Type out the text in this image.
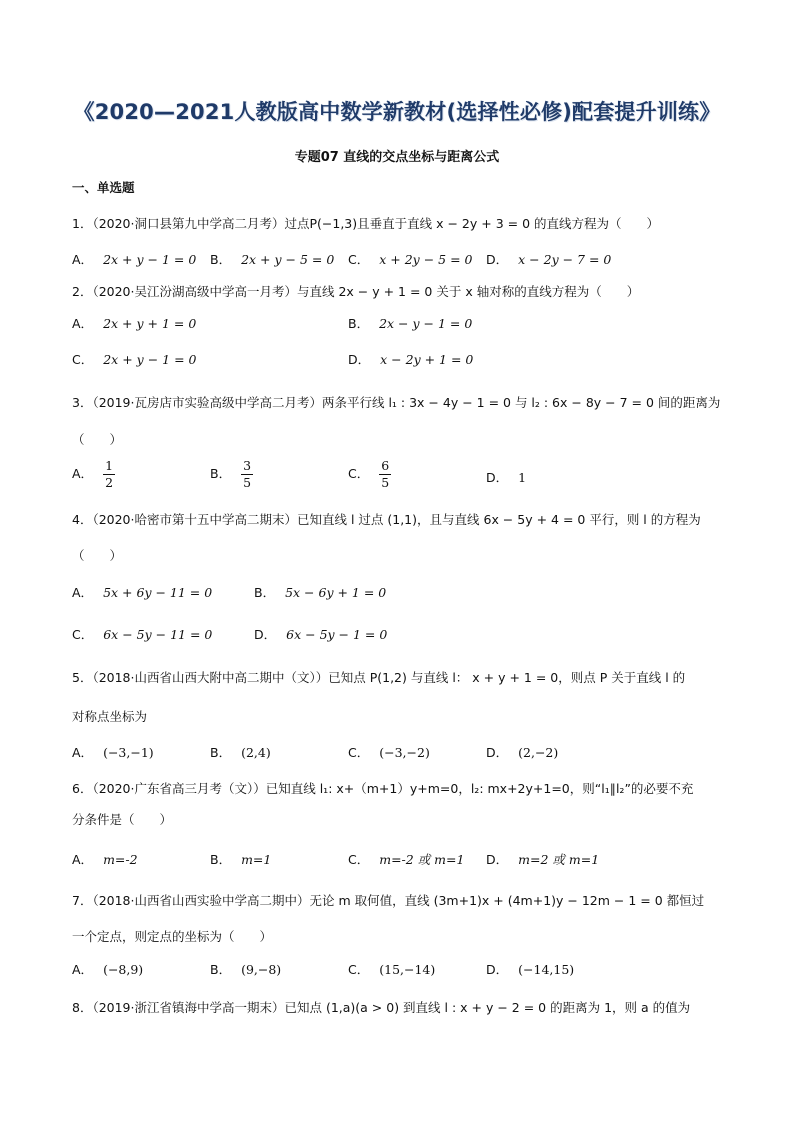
《2020—2021人教版高中数学新教材(选择性必修)配套提升训练》
专题07 直线的交点坐标与距离公式
一、单选题
1．（2020·洞口县第九中学高二月考）过点P(−1,3)且垂直于直线 x − 2y + 3 = 0 的直线方程为（　　）
A． 2x + y − 1 = 0 B． 2x + y − 5 = 0 C． x + 2y − 5 = 0 D． x − 2y − 7 = 0
2．（2020·吴江汾湖高级中学高一月考）与直线 2x − y + 1 = 0 关于 x 轴对称的直线方程为（　　）
A． 2x + y + 1 = 0	B． 2x − y − 1 = 0
C． 2x + y − 1 = 0	D． x − 2y + 1 = 0
3．（2019·瓦房店市实验高级中学高二月考）两条平行线 l₁ : 3x − 4y − 1 = 0 与 l₂ : 6x − 8y − 7 = 0 间的距离为
（　　）
A． $\frac{1}{2}$	B． $\frac{3}{5}$	C． $\frac{6}{5}$	D． 1
4．（2020·哈密市第十五中学高二期末）已知直线 l 过点 (1,1)，且与直线 6x − 5y + 4 = 0 平行，则 l 的方程为
（　　）
A． 5x + 6y − 11 = 0	B． 5x − 6y + 1 = 0
C． 6x − 5y − 11 = 0	D． 6x − 5y − 1 = 0
5．（2018·山西省山西大附中高二期中（文））已知点 P(1,2) 与直线 l： x + y + 1 = 0，则点 P 关于直线 l 的
对称点坐标为
A． (−3,−1)	B． (2,4)	C． (−3,−2)	D． (2,−2)
6．（2020·广东省高三月考（文））已知直线 l₁: x+（m+1）y+m=0，l₂: mx+2y+1=0，则“l₁∥l₂”的必要不充
分条件是（　　）
A． m=-2	B． m=1	C． m=-2 或 m=1 D． m=2 或 m=1
7．（2018·山西省山西实验中学高二期中）无论 m 取何值，直线 (3m+1)x + (4m+1)y − 12m − 1 = 0 都恒过
一个定点，则定点的坐标为（　　）
A． (−8,9)	B． (9,−8)	C． (15,−14)	D． (−14,15)
8．（2019·浙江省镇海中学高一期末）已知点 (1,a)(a > 0) 到直线 l : x + y − 2 = 0 的距离为 1，则 a 的值为
